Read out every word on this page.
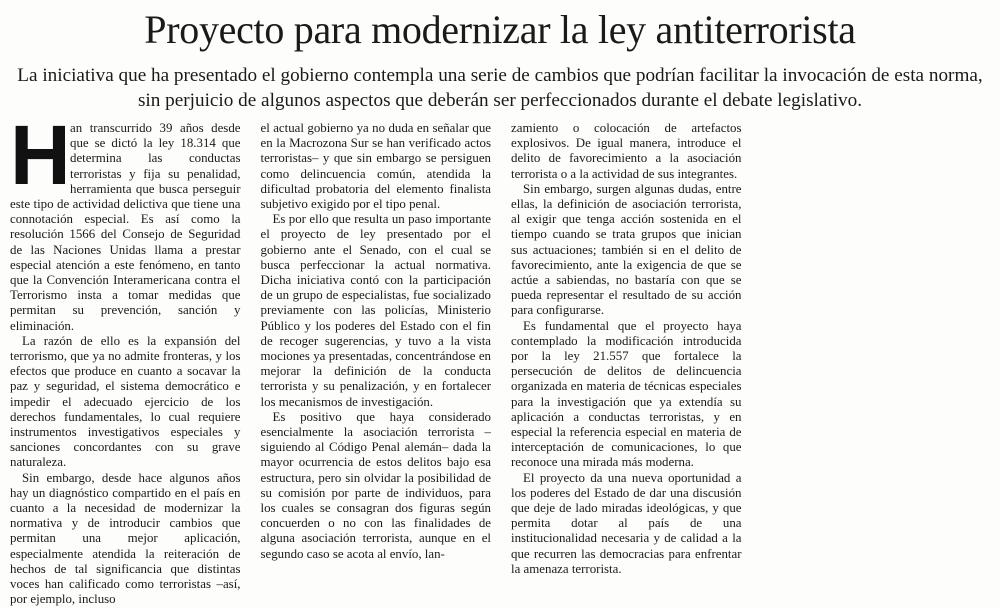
Proyecto para modernizar la ley antiterrorista

La iniciativa que ha presentado el gobierno contempla una serie de cambios que podrían facilitar la invocación de esta norma, sin perjuicio de algunos aspectos que deberán ser perfeccionados durante el debate legislativo.

H an transcurrido 39 años desde que se dictó la ley 18.314 que determina las conductas terroristas y fija su penalidad, herramienta que busca perseguir este tipo de actividad delictiva que tiene una connotación especial. Es así como la resolución 1566 del Consejo de Seguridad de las Naciones Unidas llama a prestar especial atención a este fenómeno, en tanto que la Convención Interamericana contra el Terrorismo insta a tomar medidas que permitan su prevención, sanción y eliminación.

La razón de ello es la expansión del terrorismo, que ya no admite fronteras, y los efectos que produce en cuanto a socavar la paz y seguridad, el sistema democrático e impedir el adecuado ejercicio de los derechos fundamentales, lo cual requiere instrumentos investigativos especiales y sanciones concordantes con su grave naturaleza.

Sin embargo, desde hace algunos años hay un diagnóstico compartido en el país en cuanto a la necesidad de modernizar la normativa y de introducir cambios que permitan una mejor aplicación, especialmente atendida la reiteración de hechos de tal significancia que distintas voces han calificado como terroristas –así, por ejemplo, incluso

el actual gobierno ya no duda en señalar que en la Macrozona Sur se han verificado actos terroristas– y que sin embargo se persiguen como delincuencia común, atendida la dificultad probatoria del elemento finalista subjetivo exigido por el tipo penal.

Es por ello que resulta un paso importante el proyecto de ley presentado por el gobierno ante el Senado, con el cual se busca perfeccionar la actual normativa. Dicha iniciativa contó con la participación de un grupo de especialistas, fue socializado previamente con las policías, Ministerio Público y los poderes del Estado con el fin de recoger sugerencias, y tuvo a la vista mociones ya presentadas, concentrándose en mejorar la definición de la conducta terrorista y su penalización, y en fortalecer los mecanismos de investigación.

Es positivo que haya considerado esencialmente la asociación terrorista –siguiendo al Código Penal alemán– dada la mayor ocurrencia de estos delitos bajo esa estructura, pero sin olvidar la posibilidad de su comisión por parte de individuos, para los cuales se consagran dos figuras según concuerden o no con las finalidades de alguna asociación terrorista, aunque en el segundo caso se acota al envío, lan-

zamiento o colocación de artefactos explosivos. De igual manera, introduce el delito de favorecimiento a la asociación terrorista o a la actividad de sus integrantes.

Sin embargo, surgen algunas dudas, entre ellas, la definición de asociación terrorista, al exigir que tenga acción sostenida en el tiempo cuando se trata grupos que inician sus actuaciones; también si en el delito de favorecimiento, ante la exigencia de que se actúe a sabiendas, no bastaría con que se pueda representar el resultado de su acción para configurarse.

Es fundamental que el proyecto haya contemplado la modificación introducida por la ley 21.557 que fortalece la persecución de delitos de delincuencia organizada en materia de técnicas especiales para la investigación que ya extendía su aplicación a conductas terroristas, y en especial la referencia especial en materia de interceptación de comunicaciones, lo que reconoce una mirada más moderna.

El proyecto da una nueva oportunidad a los poderes del Estado de dar una discusión que deje de lado miradas ideológicas, y que permita dotar al país de una institucionalidad necesaria y de calidad a la que recurren las democracias para enfrentar la amenaza terrorista.
